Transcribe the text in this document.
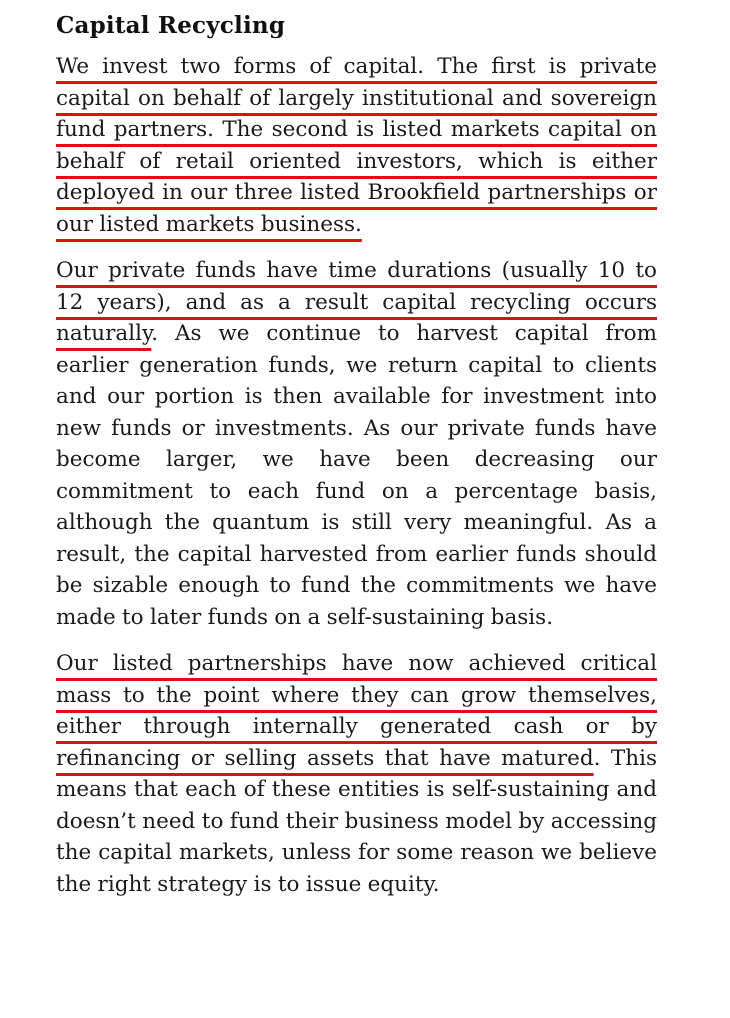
Capital Recycling

We invest two forms of capital. The first is private capital on behalf of largely institutional and sovereign fund partners. The second is listed markets capital on behalf of retail oriented investors, which is either deployed in our three listed Brookfield partnerships or our listed markets business.

Our private funds have time durations (usually 10 to 12 years), and as a result capital recycling occurs naturally. As we continue to harvest capital from earlier generation funds, we return capital to clients and our portion is then available for investment into new funds or investments. As our private funds have become larger, we have been decreasing our commitment to each fund on a percentage basis, although the quantum is still very meaningful. As a result, the capital harvested from earlier funds should be sizable enough to fund the commitments we have made to later funds on a self-sustaining basis.

Our listed partnerships have now achieved critical mass to the point where they can grow themselves, either through internally generated cash or by refinancing or selling assets that have matured. This means that each of these entities is self-sustaining and doesn’t need to fund their business model by accessing the capital markets, unless for some reason we believe the right strategy is to issue equity.
